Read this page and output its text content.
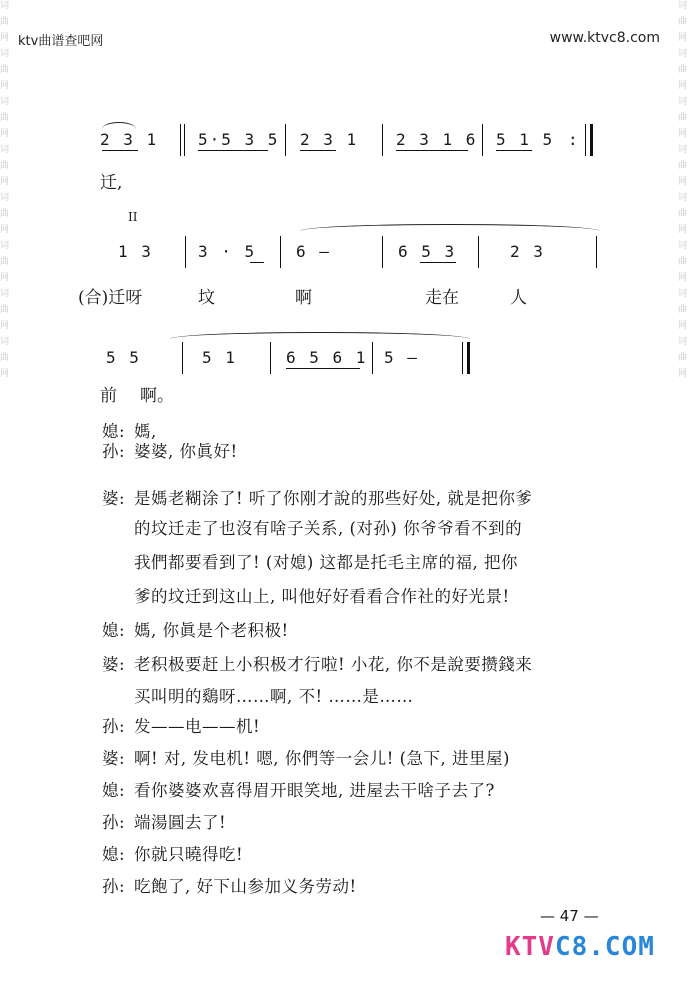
ktv曲谱查吧网	www.ktvc8.com
词
曲
网
词
曲
网
词
曲
网
词
曲
网
词
曲
网
词
曲
网
词
曲
网
词
曲
网
词
曲
网
词
曲
网
词
曲
网
词
曲
网
词
曲
网
词
曲
网
词
曲
网
词
曲
网
2 3 1 5·5 3 5 2 3 1 2 3 1 6 5 1 5 :
迁,
II
1 3	3 · 5 6 —	6 5 3	2 3
(合)迁呀	坟	啊	走在	人
5 5	5 1	6 5 6 1 5 —
前 啊。
媳: 媽,
孙: 婆婆, 你眞好!
婆: 是媽老糊涂了! 听了你刚才說的那些好处, 就是把你爹
的坟迁走了也沒有啥子关系, (对孙) 你爷爷看不到的
我們都要看到了! (对媳) 这都是托毛主席的福, 把你
爹的坟迁到这山上, 叫他好好看看合作社的好光景!
媳: 媽, 你眞是个老积极!
婆: 老积极要赶上小积极才行啦! 小花, 你不是說要攒錢来
买叫明的鷄呀……啊, 不! ……是……
孙: 发——电——机!
婆: 啊! 对, 发电机! 嗯, 你們等一会儿! (急下, 进里屋)
媳: 看你婆婆欢喜得眉开眼笑地, 进屋去干啥子去了?
孙: 端湯圓去了!
媳: 你就只曉得吃!
孙: 吃飽了, 好下山参加义务劳动!
— 47 —
KTVC8.COM
